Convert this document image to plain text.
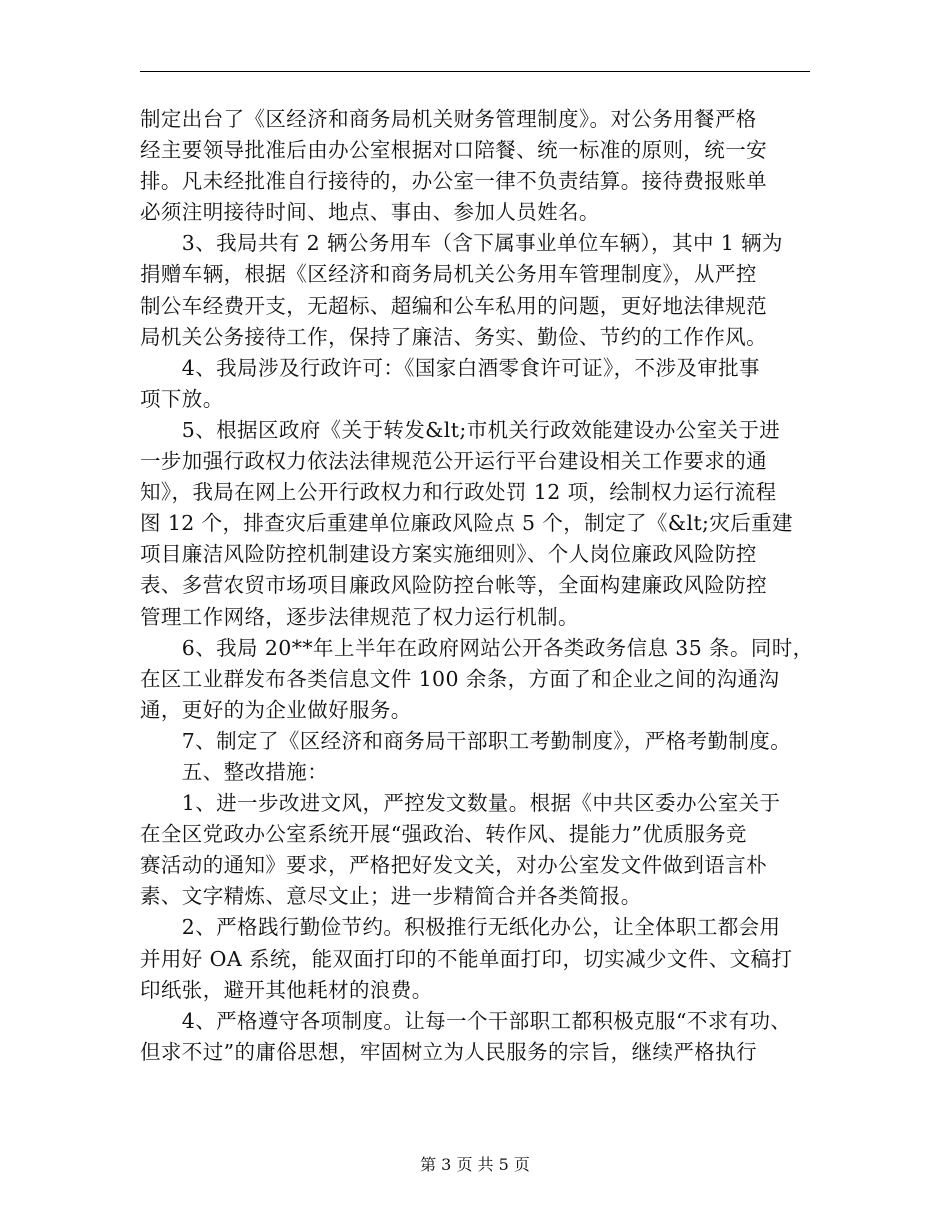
制定出台了《区经济和商务局机关财务管理制度》。对公务用餐严格
经主要领导批准后由办公室根据对口陪餐、统一标准的原则，统一安
排。凡未经批准自行接待的，办公室一律不负责结算。接待费报账单
必须注明接待时间、地点、事由、参加人员姓名。
　　3、我局共有 2 辆公务用车（含下属事业单位车辆），其中 1 辆为
捐赠车辆，根据《区经济和商务局机关公务用车管理制度》，从严控
制公车经费开支，无超标、超编和公车私用的问题，更好地法律规范
局机关公务接待工作，保持了廉洁、务实、勤俭、节约的工作作风。
　　4、我局涉及行政许可：《国家白酒零食许可证》，不涉及审批事
项下放。
　　5、根据区政府《关于转发&lt;市机关行政效能建设办公室关于进
一步加强行政权力依法法律规范公开运行平台建设相关工作要求的通
知》，我局在网上公开行政权力和行政处罚 12 项，绘制权力运行流程
图 12 个，排查灾后重建单位廉政风险点 5 个，制定了《&lt;灾后重建
项目廉洁风险防控机制建设方案实施细则》、个人岗位廉政风险防控
表、多营农贸市场项目廉政风险防控台帐等，全面构建廉政风险防控
管理工作网络，逐步法律规范了权力运行机制。
　　6、我局 20**年上半年在政府网站公开各类政务信息 35 条。同时，
在区工业群发布各类信息文件 100 余条，方面了和企业之间的沟通沟
通，更好的为企业做好服务。
　　7、制定了《区经济和商务局干部职工考勤制度》，严格考勤制度。
　　五、整改措施：
　　1、进一步改进文风，严控发文数量。根据《中共区委办公室关于
在全区党政办公室系统开展“强政治、转作风、提能力”优质服务竞
赛活动的通知》要求，严格把好发文关，对办公室发文件做到语言朴
素、文字精炼、意尽文止；进一步精简合并各类简报。
　　2、严格践行勤俭节约。积极推行无纸化办公，让全体职工都会用
并用好 OA 系统，能双面打印的不能单面打印，切实减少文件、文稿打
印纸张，避开其他耗材的浪费。
　　4、严格遵守各项制度。让每一个干部职工都积极克服“不求有功、
但求不过”的庸俗思想，牢固树立为人民服务的宗旨，继续严格执行
第 3 页 共 5 页
